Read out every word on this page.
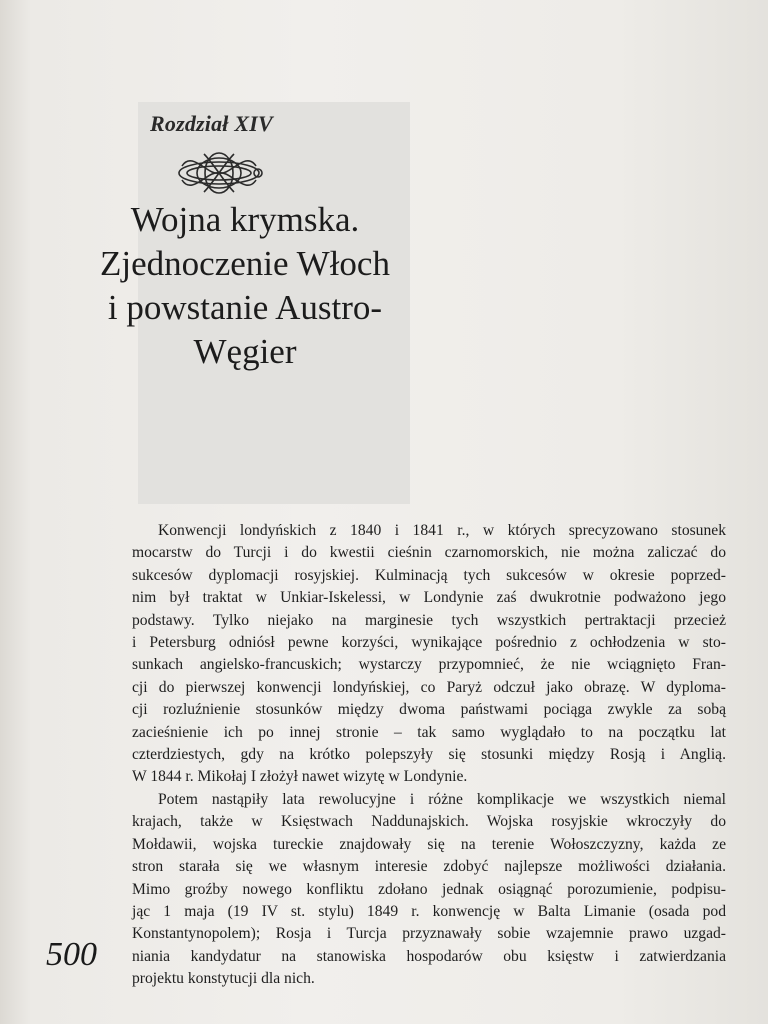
Rozdział XIV
Wojna krymska.
Zjednoczenie Włoch
i powstanie Austro-
Węgier
Konwencji londyńskich z 1840 i 1841 r., w których sprecyzowano stosunek
mocarstw do Turcji i do kwestii cieśnin czarnomorskich, nie można zaliczać do
sukcesów dyplomacji rosyjskiej. Kulminacją tych sukcesów w okresie poprzed-
nim był traktat w Unkiar-Iskelessi, w Londynie zaś dwukrotnie podważono jego
podstawy. Tylko niejako na marginesie tych wszystkich pertraktacji przecież
i Petersburg odniósł pewne korzyści, wynikające pośrednio z ochłodzenia w sto-
sunkach angielsko-francuskich; wystarczy przypomnieć, że nie wciągnięto Fran-
cji do pierwszej konwencji londyńskiej, co Paryż odczuł jako obrazę. W dyploma-
cji rozluźnienie stosunków między dwoma państwami pociąga zwykle za sobą
zacieśnienie ich po innej stronie – tak samo wyglądało to na początku lat
czterdziestych, gdy na krótko polepszyły się stosunki między Rosją i Anglią.
W 1844 r. Mikołaj I złożył nawet wizytę w Londynie.
Potem nastąpiły lata rewolucyjne i różne komplikacje we wszystkich niemal
krajach, także w Księstwach Naddunajskich. Wojska rosyjskie wkroczyły do
Mołdawii, wojska tureckie znajdowały się na terenie Wołoszczyzny, każda ze
stron starała się we własnym interesie zdobyć najlepsze możliwości działania.
Mimo groźby nowego konfliktu zdołano jednak osiągnąć porozumienie, podpisu-
jąc 1 maja (19 IV st. stylu) 1849 r. konwencję w Balta Limanie (osada pod
Konstantynopolem); Rosja i Turcja przyznawały sobie wzajemnie prawo uzgad-
niania kandydatur na stanowiska hospodarów obu księstw i zatwierdzania
projektu konstytucji dla nich.
500
